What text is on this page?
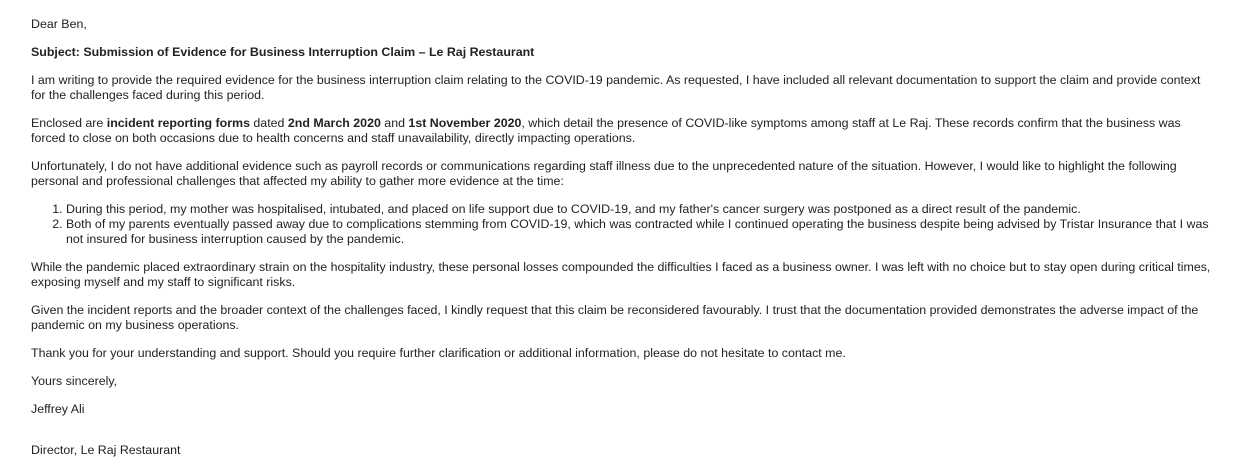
Dear Ben,

Subject: Submission of Evidence for Business Interruption Claim – Le Raj Restaurant

I am writing to provide the required evidence for the business interruption claim relating to the COVID-19 pandemic. As requested, I have included all relevant documentation to support the claim and provide context for the challenges faced during this period.

Enclosed are incident reporting forms dated 2nd March 2020 and 1st November 2020, which detail the presence of COVID-like symptoms among staff at Le Raj. These records confirm that the business was forced to close on both occasions due to health concerns and staff unavailability, directly impacting operations.

Unfortunately, I do not have additional evidence such as payroll records or communications regarding staff illness due to the unprecedented nature of the situation. However, I would like to highlight the following personal and professional challenges that affected my ability to gather more evidence at the time:

1. During this period, my mother was hospitalised, intubated, and placed on life support due to COVID-19, and my father's cancer surgery was postponed as a direct result of the pandemic.
2. Both of my parents eventually passed away due to complications stemming from COVID-19, which was contracted while I continued operating the business despite being advised by Tristar Insurance that I was not insured for business interruption caused by the pandemic.

While the pandemic placed extraordinary strain on the hospitality industry, these personal losses compounded the difficulties I faced as a business owner. I was left with no choice but to stay open during critical times, exposing myself and my staff to significant risks.

Given the incident reports and the broader context of the challenges faced, I kindly request that this claim be reconsidered favourably. I trust that the documentation provided demonstrates the adverse impact of the pandemic on my business operations.

Thank you for your understanding and support. Should you require further clarification or additional information, please do not hesitate to contact me.

Yours sincerely,

Jeffrey Ali

Director, Le Raj Restaurant
